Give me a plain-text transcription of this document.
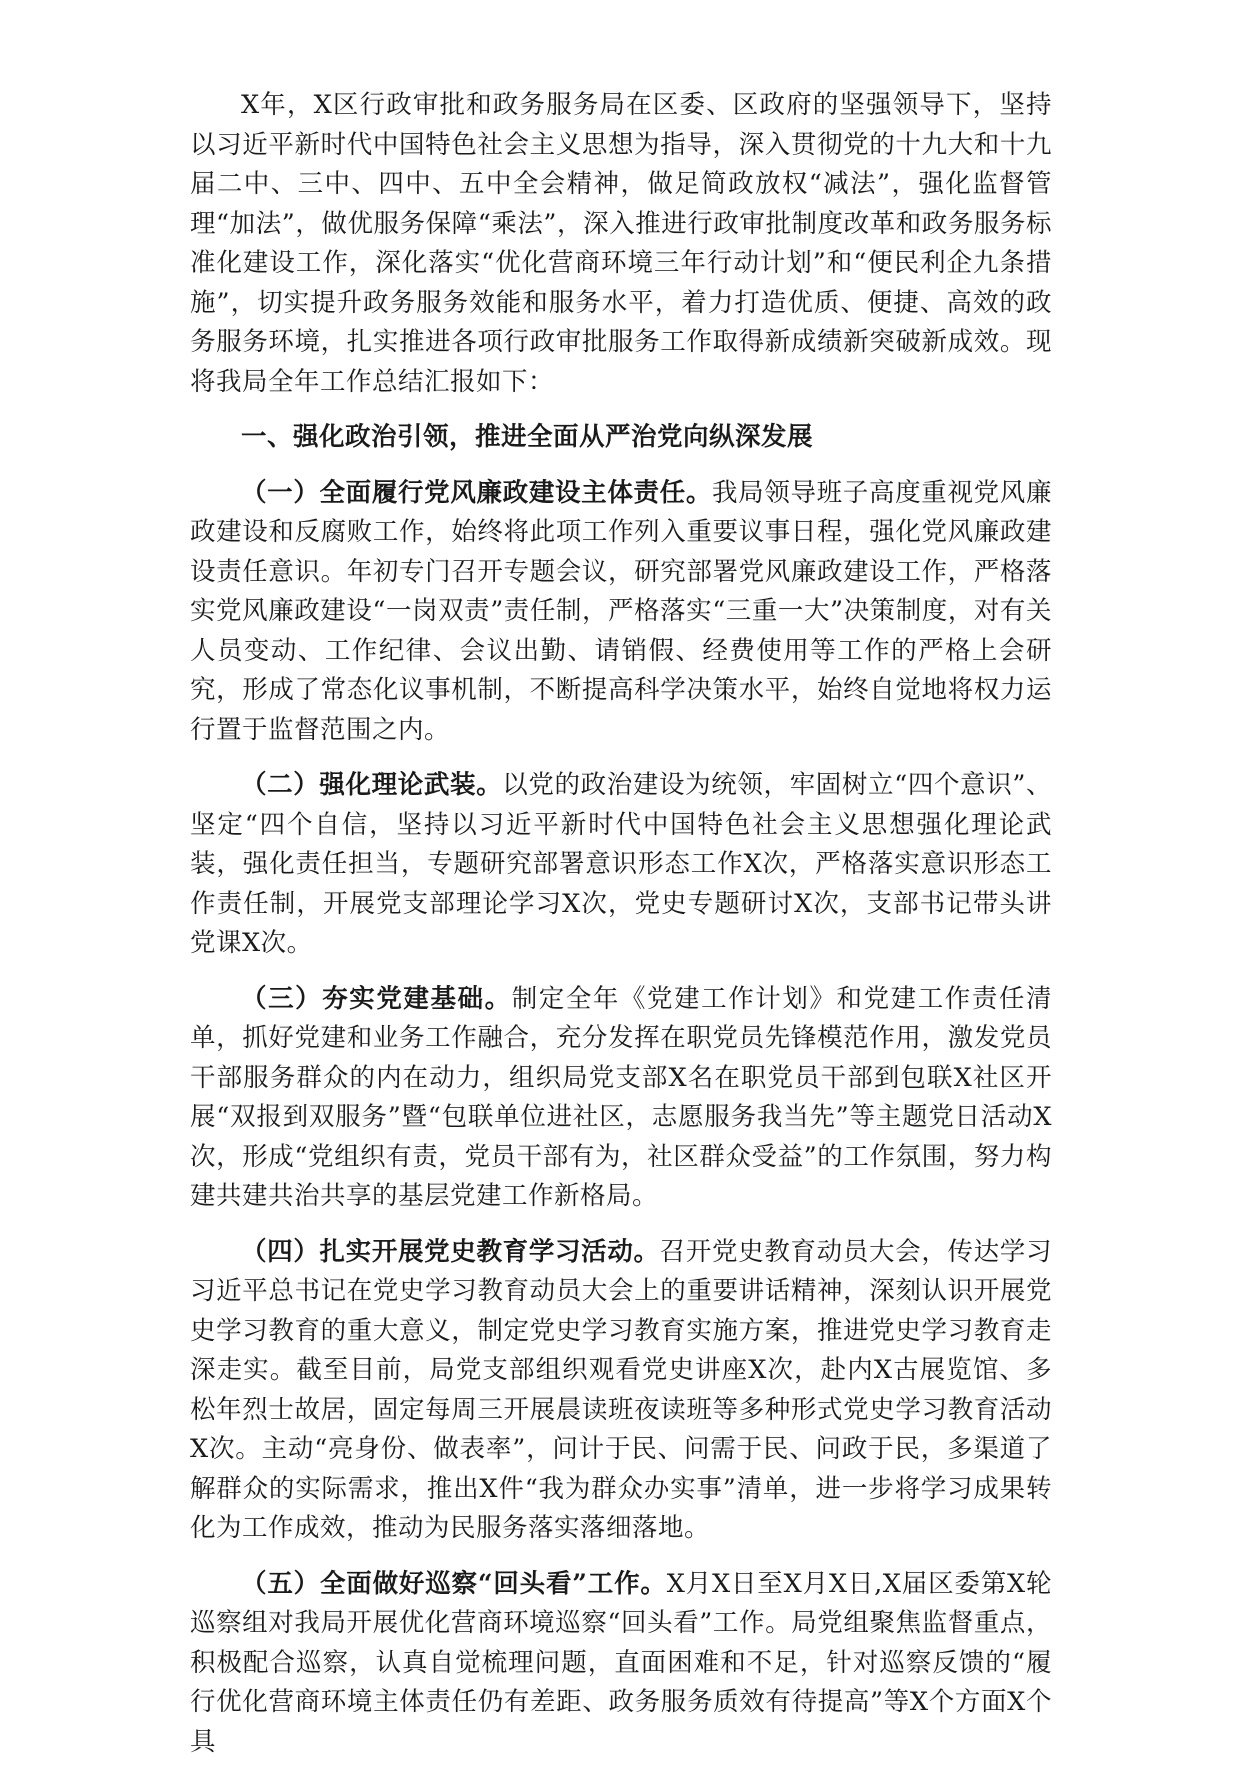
X年，X区行政审批和政务服务局在区委、区政府的坚强领导下，坚持以习近平新时代中国特色社会主义思想为指导，深入贯彻党的十九大和十九届二中、三中、四中、五中全会精神，做足简政放权“减法”，强化监督管理“加法”，做优服务保障“乘法”，深入推进行政审批制度改革和政务服务标准化建设工作，深化落实“优化营商环境三年行动计划”和“便民利企九条措施”，切实提升政务服务效能和服务水平，着力打造优质、便捷、高效的政务服务环境，扎实推进各项行政审批服务工作取得新成绩新突破新成效。现将我局全年工作总结汇报如下：

一、强化政治引领，推进全面从严治党向纵深发展

（一）全面履行党风廉政建设主体责任。我局领导班子高度重视党风廉政建设和反腐败工作，始终将此项工作列入重要议事日程，强化党风廉政建设责任意识。年初专门召开专题会议，研究部署党风廉政建设工作，严格落实党风廉政建设“一岗双责”责任制，严格落实“三重一大”决策制度，对有关人员变动、工作纪律、会议出勤、请销假、经费使用等工作的严格上会研究，形成了常态化议事机制，不断提高科学决策水平，始终自觉地将权力运行置于监督范围之内。

（二）强化理论武装。以党的政治建设为统领，牢固树立“四个意识”、坚定“四个自信，坚持以习近平新时代中国特色社会主义思想强化理论武装，强化责任担当，专题研究部署意识形态工作X次，严格落实意识形态工作责任制，开展党支部理论学习X次，党史专题研讨X次，支部书记带头讲党课X次。

（三）夯实党建基础。制定全年《党建工作计划》和党建工作责任清单，抓好党建和业务工作融合，充分发挥在职党员先锋模范作用，激发党员干部服务群众的内在动力，组织局党支部X名在职党员干部到包联X社区开展“双报到双服务”暨“包联单位进社区，志愿服务我当先”等主题党日活动X次，形成“党组织有责，党员干部有为，社区群众受益”的工作氛围，努力构建共建共治共享的基层党建工作新格局。

（四）扎实开展党史教育学习活动。召开党史教育动员大会，传达学习习近平总书记在党史学习教育动员大会上的重要讲话精神，深刻认识开展党史学习教育的重大意义，制定党史学习教育实施方案，推进党史学习教育走深走实。截至目前，局党支部组织观看党史讲座X次，赴内X古展览馆、多松年烈士故居，固定每周三开展晨读班夜读班等多种形式党史学习教育活动X次。主动“亮身份、做表率”，问计于民、问需于民、问政于民，多渠道了解群众的实际需求，推出X件“我为群众办实事”清单，进一步将学习成果转化为工作成效，推动为民服务落实落细落地。

（五）全面做好巡察“回头看”工作。X月X日至X月X日,X届区委第X轮巡察组对我局开展优化营商环境巡察“回头看”工作。局党组聚焦监督重点，积极配合巡察，认真自觉梳理问题，直面困难和不足，针对巡察反馈的“履行优化营商环境主体责任仍有差距、政务服务质效有待提高”等X个方面X个具
